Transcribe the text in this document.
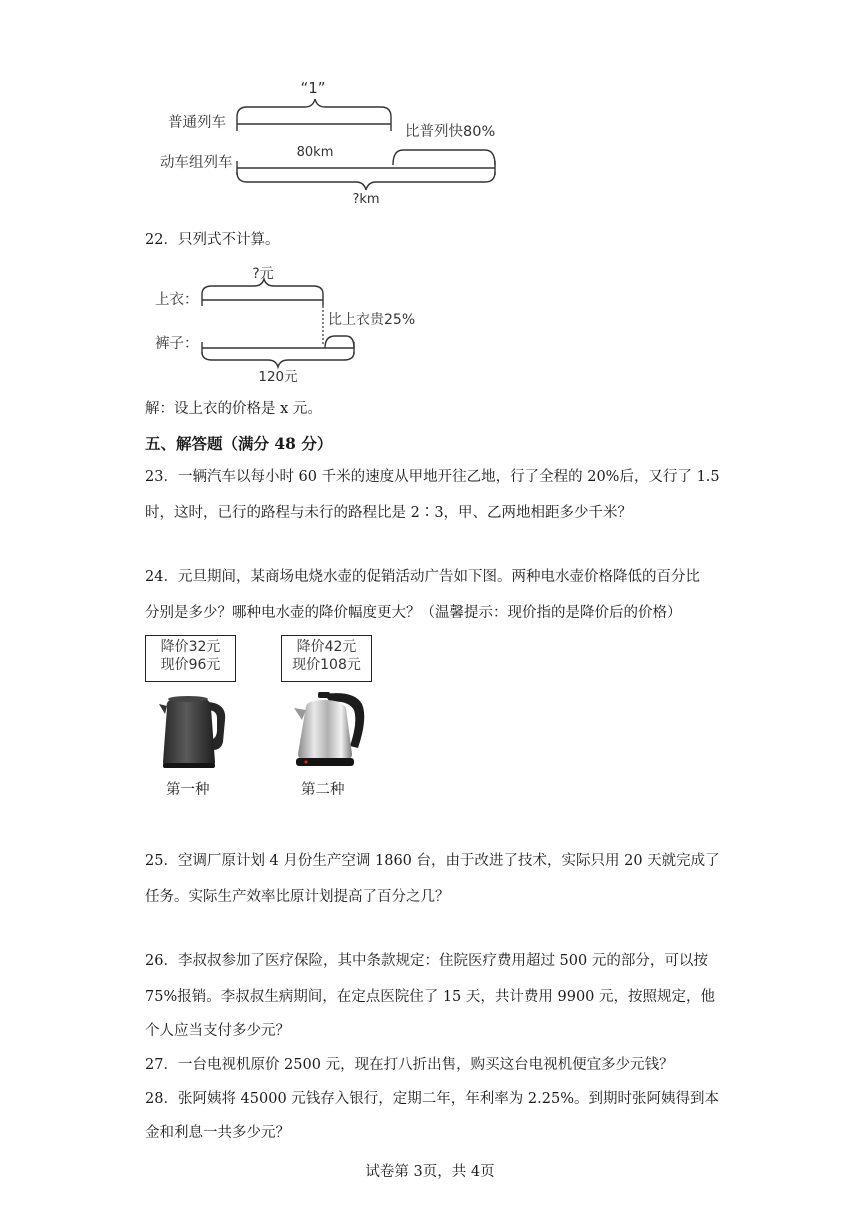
“1”
普通列车
比普列快80%
80km
动车组列车
?km
22．只列式不计算。
?元
上衣：
比上衣贵25%
裤子：
120元
解：设上衣的价格是 x 元。
五、解答题（满分 48 分）
23．一辆汽车以每小时 60 千米的速度从甲地开往乙地，行了全程的 20%后，又行了 1.5
时，这时，已行的路程与未行的路程比是 2∶3，甲、乙两地相距多少千米？
24．元旦期间，某商场电烧水壶的促销活动广告如下图。两种电水壶价格降低的百分比
分别是多少？哪种电水壶的降价幅度更大？（温馨提示：现价指的是降价后的价格）
降价32元
现价96元
降价42元
现价108元
第一种	第二种
25．空调厂原计划 4 月份生产空调 1860 台，由于改进了技术，实际只用 20 天就完成了
任务。实际生产效率比原计划提高了百分之几？
26．李叔叔参加了医疗保险，其中条款规定：住院医疗费用超过 500 元的部分，可以按
75%报销。李叔叔生病期间，在定点医院住了 15 天，共计费用 9900 元，按照规定，他
个人应当支付多少元？
27．一台电视机原价 2500 元，现在打八折出售，购买这台电视机便宜多少元钱？
28．张阿姨将 45000 元钱存入银行，定期二年，年利率为 2.25%。到期时张阿姨得到本
金和利息一共多少元？
试卷第 3页，共 4页
